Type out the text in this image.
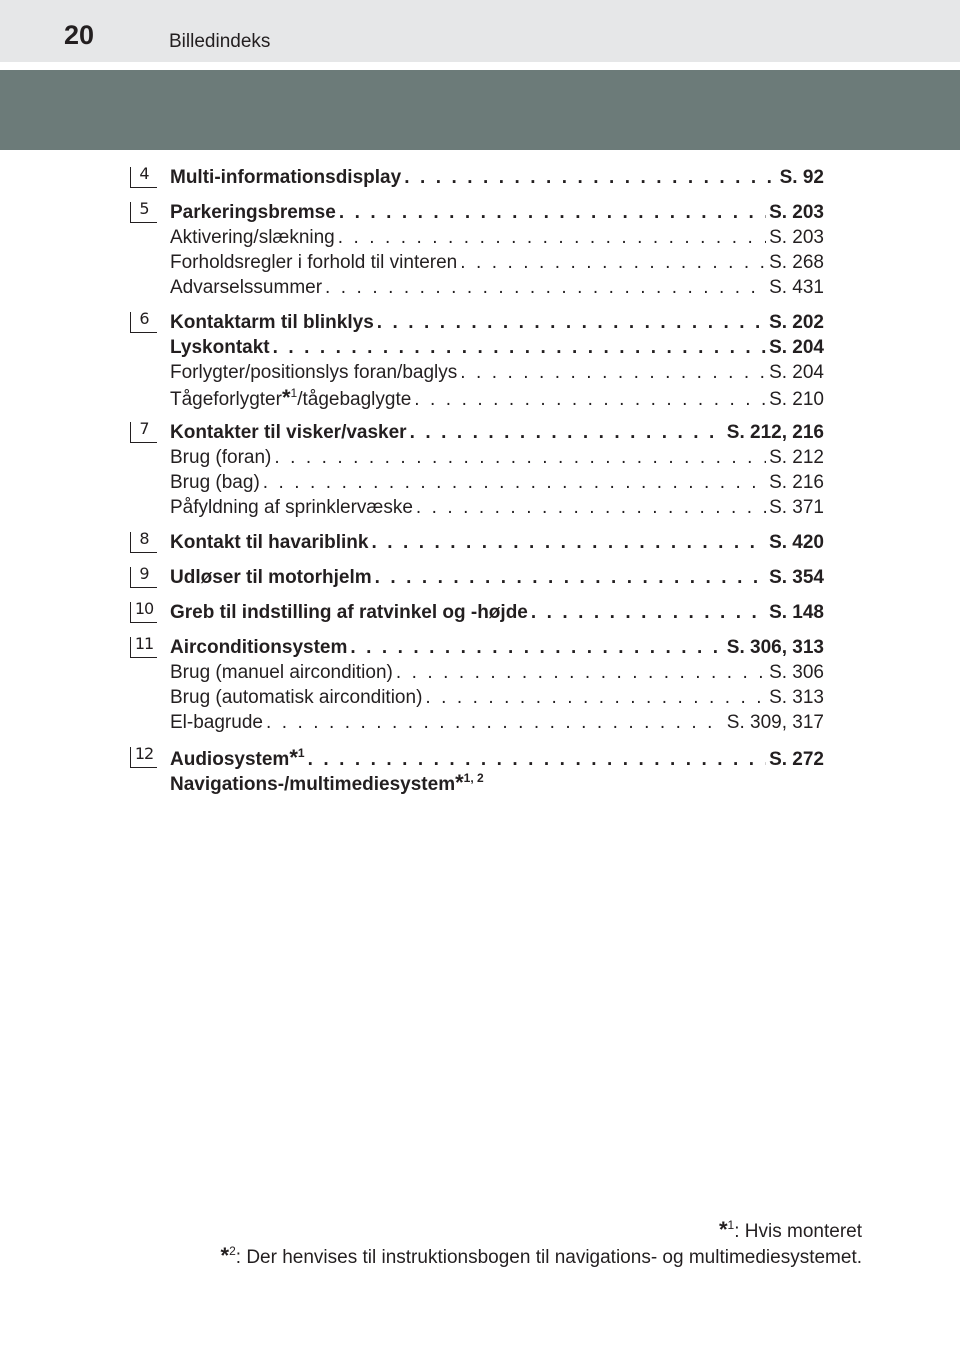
20	Billedindeks
4	Multi-informationsdisplay . . .	S. 92
5	Parkeringsbremse . . .	S. 203
Aktivering/slækning . . .	S. 203
Forholdsregler i forhold til vinteren . . .	S. 268
Advarselssummer . . .	S. 431
6	Kontaktarm til blinklys . . .	S. 202
Lyskontakt . . .	S. 204
Forlygter/positionslys foran/baglys . . .	S. 204
Tågeforlygter*$^1$/tågebaglygte . . .	S. 210
7	Kontakter til visker/vasker . . .	S. 212, 216
Brug (foran) . . .	S. 212
Brug (bag) . . .	S. 216
Påfyldning af sprinklervæske . . .	S. 371
8	Kontakt til havariblink . . .	S. 420
9	Udløser til motorhjelm . . .	S. 354
10 Greb til indstilling af ratvinkel og -højde . . .	S. 148
11 Airconditionsystem . . .	S. 306, 313
Brug (manuel aircondition) . . .	S. 306
Brug (automatisk aircondition) . . .	S. 313
El-bagrude . . .	S. 309, 317
12 Audiosystem*$^1$ . . .	S. 272
Navigations-/multimediesystem*$^{1, 2}$
*$^1$: Hvis monteret
*$^2$: Der henvises til instruktionsbogen til navigations- og multimediesystemet.
